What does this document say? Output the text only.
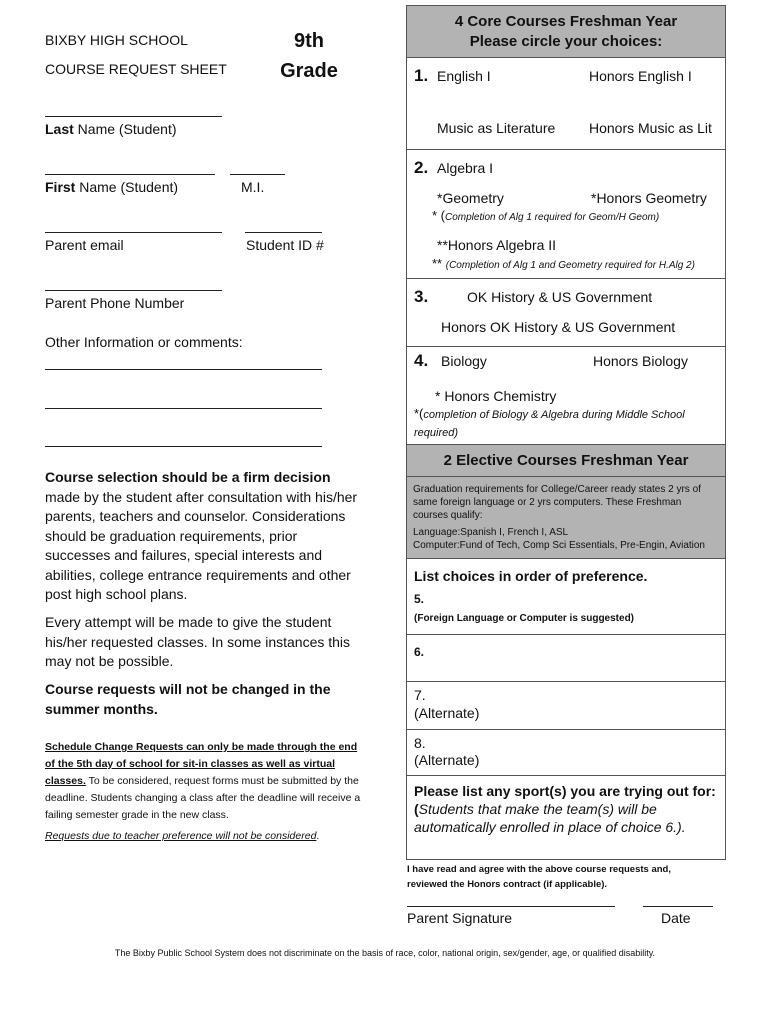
BIXBY HIGH SCHOOL
COURSE REQUEST SHEET
9th
Grade
Last Name (Student)
First Name (Student)	M.I.
Parent email	Student ID #
Parent Phone Number
Other Information or comments:
Course selection should be a firm decision made by the student after consultation with his/her parents, teachers and counselor. Considerations should be graduation requirements, prior successes and failures, special interests and abilities, college entrance requirements and other post high school plans.
Every attempt will be made to give the student his/her requested classes. In some instances this may not be possible.
Course requests will not be changed in the summer months.
Schedule Change Requests can only be made through the end of the 5th day of school for sit-in classes as well as virtual classes. To be considered, request forms must be submitted by the deadline. Students changing a class after the deadline will receive a failing semester grade in the new class.
Requests due to teacher preference will not be considered.
4 Core Courses Freshman Year
Please circle your choices:
1. English I	Honors English I
Music as Literature Honors Music as Lit
2. Algebra I
*Geometry	*Honors Geometry
* (Completion of Alg 1 required for Geom/H Geom)
**Honors Algebra II
** (Completion of Alg 1 and Geometry required for H.Alg 2)
3.	OK History & US Government
Honors OK History & US Government
4. Biology	Honors Biology
* Honors Chemistry
*(completion of Biology & Algebra during Middle School required)
2 Elective Courses Freshman Year
Graduation requirements for College/Career ready states 2 yrs of same foreign language or 2 yrs computers. These Freshman courses qualify:
Language:Spanish I, French I, ASL
Computer:Fund of Tech, Comp Sci Essentials, Pre-Engin, Aviation
List choices in order of preference.
5.
(Foreign Language or Computer is suggested)
6.
7.
(Alternate)
8.
(Alternate)
Please list any sport(s) you are trying out for:
(Students that make the team(s) will be automatically enrolled in place of choice 6.).
I have read and agree with the above course requests and, reviewed the Honors contract (if applicable).
Parent Signature	Date
The Bixby Public School System does not discriminate on the basis of race, color, national origin, sex/gender, age, or qualified disability.
